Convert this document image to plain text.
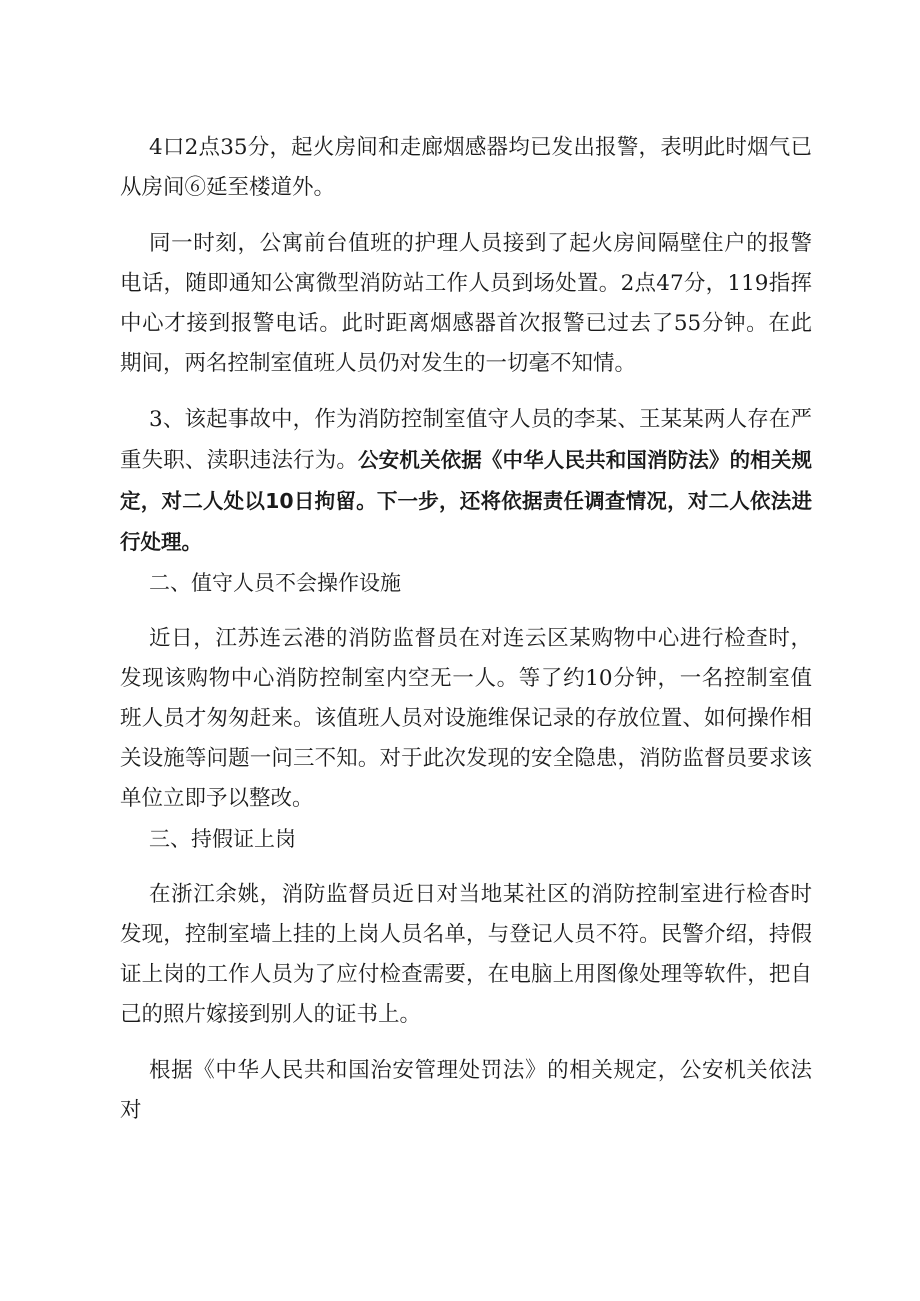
4口2点35分，起火房间和走廊烟感器均已发出报警，表明此时烟气已从房间⑥延至楼道外。

同一时刻，公寓前台值班的护理人员接到了起火房间隔壁住户的报警电话，随即通知公寓微型消防站工作人员到场处置。2点47分，119指挥中心才接到报警电话。此时距离烟感器首次报警已过去了55分钟。在此期间，两名控制室值班人员仍对发生的一切毫不知情。

3、该起事故中，作为消防控制室值守人员的李某、王某某两人存在严重失职、渎职违法行为。公安机关依据《中华人民共和国消防法》的相关规定，对二人处以10日拘留。下一步，还将依据责任调查情况，对二人依法进行处理。

二、值守人员不会操作设施

近日，江苏连云港的消防监督员在对连云区某购物中心进行检查时，发现该购物中心消防控制室内空无一人。等了约10分钟，一名控制室值班人员才匆匆赶来。该值班人员对设施维保记录的存放位置、如何操作相关设施等问题一问三不知。对于此次发现的安全隐患，消防监督员要求该单位立即予以整改。

三、持假证上岗

在浙江余姚，消防监督员近日对当地某社区的消防控制室进行检杳时发现，控制室墙上挂的上岗人员名单，与登记人员不符。民警介绍，持假证上岗的工作人员为了应付检查需要，在电脑上用图像处理等软件，把自己的照片嫁接到别人的证书上。

根据《中华人民共和国治安管理处罚法》的相关规定，公安机关依法对
